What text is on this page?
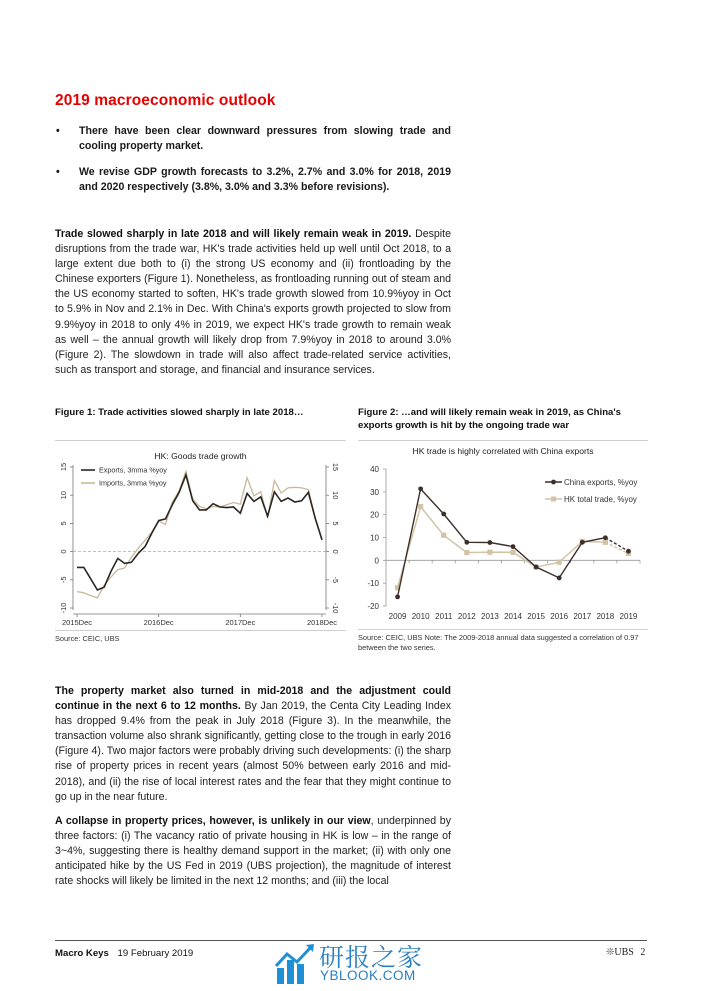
2019 macroeconomic outlook
• There have been clear downward pressures from slowing trade and cooling property market.
• We revise GDP growth forecasts to 3.2%, 2.7% and 3.0% for 2018, 2019 and 2020 respectively (3.8%, 3.0% and 3.3% before revisions).
Trade slowed sharply in late 2018 and will likely remain weak in 2019. Despite disruptions from the trade war, HK's trade activities held up well until Oct 2018, to a large extent due both to (i) the strong US economy and (ii) frontloading by the Chinese exporters (Figure 1). Nonetheless, as frontloading running out of steam and the US economy started to soften, HK's trade growth slowed from 10.9%yoy in Oct to 5.9% in Nov and 2.1% in Dec. With China's exports growth projected to slow from 9.9%yoy in 2018 to only 4% in 2019, we expect HK's trade growth to remain weak as well – the annual growth will likely drop from 7.9%yoy in 2018 to around 3.0% (Figure 2). The slowdown in trade will also affect trade-related service activities, such as transport and storage, and financial and insurance services.
Figure 1: Trade activities slowed sharply in late 2018…
HK: Goods trade growth
-10	-10
-5	-5
0	0
5	5
10	10
15	15
2015Dec	2016Dec	2017Dec	2018Dec
Exports, 3mma %yoy
Imports, 3mma %yoy
Source: CEIC, UBS
Figure 2: …and will likely remain weak in 2019, as China's exports growth is hit by the ongoing trade war
HK trade is highly correlated with China exports
-20
-10
0
10
20
30
40
2009 2010 2011 2012 2013 2014 2015 2016 2017 2018 2019
China exports, %yoy
HK total trade, %yoy
Source: CEIC, UBS Note: The 2009-2018 annual data suggested a correlation of 0.97 between the two series.
The property market also turned in mid-2018 and the adjustment could continue in the next 6 to 12 months. By Jan 2019, the Centa City Leading Index has dropped 9.4% from the peak in July 2018 (Figure 3). In the meanwhile, the transaction volume also shrank significantly, getting close to the trough in early 2016 (Figure 4). Two major factors were probably driving such developments: (i) the sharp rise of property prices in recent years (almost 50% between early 2016 and mid-2018), and (ii) the rise of local interest rates and the fear that they might continue to go up in the near future.
A collapse in property prices, however, is unlikely in our view, underpinned by three factors: (i) The vacancy ratio of private housing in HK is low – in the range of 3~4%, suggesting there is healthy demand support in the market; (ii) with only one anticipated hike by the US Fed in 2019 (UBS projection), the magnitude of interest rate shocks will likely be limited in the next 12 months; and (iii) the local
Macro Keys 19 February 2019	❊UBS 2
研报之家
YBLOOK.COM
